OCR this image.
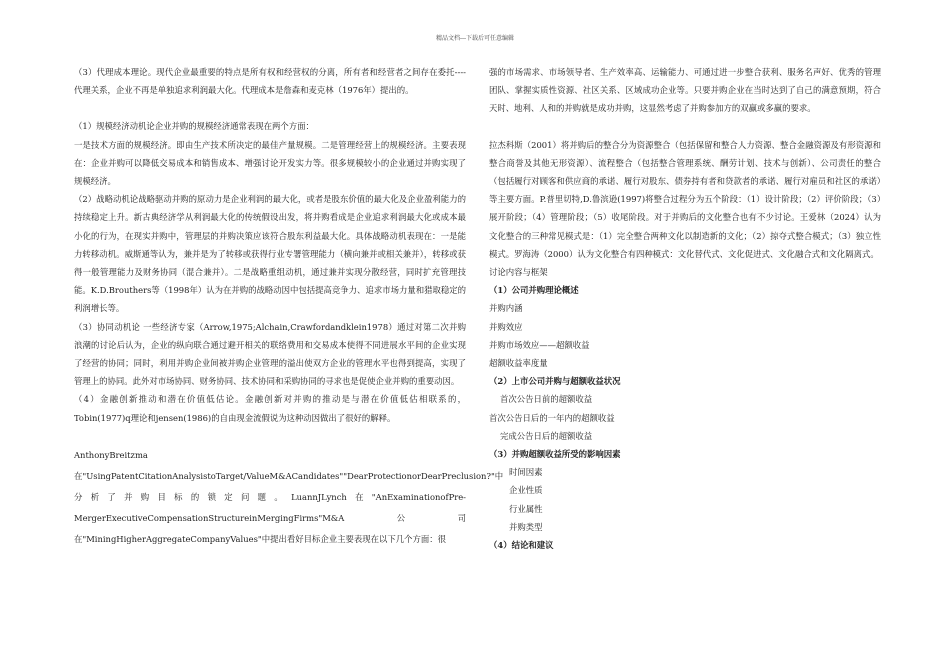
精品文档---下载后可任意编辑

（3）代理成本理论。现代企业最重要的特点是所有权和经营权的分离，所有者和经营者之间存在委托----代理关系，企业不再是单独追求利润最大化。代理成本是詹森和麦克林（1976年）提出的。

（1）规模经济动机论企业并购的规模经济通常表现在两个方面：

一是技术方面的规模经济。即由生产技术所决定的最佳产量规模。二是管理经营上的规模经济。主要表现在：企业并购可以降低交易成本和销售成本、增强讨论开发实力等。很多规模较小的企业通过并购实现了规模经济。

（2）战略动机论战略驱动并购的原动力是企业利润的最大化，或者是股东价值的最大化及企业盈利能力的持续稳定上升。新古典经济学从利润最大化的传统假设出发，将并购看成是企业追求利润最大化或成本最小化的行为，在现实并购中，管理层的并购决策应该符合股东利益最大化。具体战略动机表现在：一是能力转移动机。威斯通等认为，兼并是为了转移或获得行业专署管理能力（横向兼并或相关兼并），转移或获得一般管理能力及财务协同（混合兼并）。二是战略重组动机，通过兼并实现分散经营，同时扩充管理技能。K.D.Brouthers等（1998年）认为在并购的战略动因中包括提高竞争力、追求市场力量和猎取稳定的利润增长等。

（3）协同动机论 一些经济专家（Arrow,1975;Alchain,Crawfordandklein1978）通过对第二次并购浪潮的讨论后认为，企业的纵向联合通过避开相关的联络费用和交易成本使得不同进展水平间的企业实现了经营的协同；同时，利用并购企业间被并购企业管理的溢出使双方企业的管理水平也得到提高，实现了管理上的协同。此外对市场协同、财务协同、技术协同和采购协同的寻求也是促使企业并购的重要动因。

（4）金融创新推动和潜在价值低估论。金融创新对并购的推动是与潜在价值低估相联系的，Tobin(1977)q理论和jensen(1986)的自由现金流假说为这种动因做出了很好的解释。

AnthonyBreitzma在"UsingPatentCitationAnalysistoTarget/ValueM&ACandidates""DearProtectionorDearPreclusion?"中分析了并购目标的锁定问题。LuannJLynch在"AnExaminationofPre-MergerExecutiveCompensationStructureinMergingFirms"M&A公司在"MiningHigherAggregateCompanyValues"中提出看好目标企业主要表现在以下几个方面：很

强的市场需求、市场领导者、生产效率高、运输能力、可通过进一步整合获利、服务名声好、优秀的管理团队、掌握实质性资源、社区关系、区域成功企业等。只要并购企业在当时达到了自己的满意预期，符合天时、地利、人和的并购就是成功并购，这显然考虑了并购参加方的双赢或多赢的要求。

拉杰科斯（2001）将并购后的整合分为资源整合（包括保留和整合人力资源、整合金融资源及有形资源和整合商誉及其他无形资源）、流程整合（包括整合管理系统、酬劳计划、技术与创新）、公司责任的整合（包括履行对顾客和供应商的承诺、履行对股东、债券持有者和贷款者的承诺、履行对雇员和社区的承诺）等主要方面。P.普里切特,D.鲁滨逊(1997)将整合过程分为五个阶段：（1）设计阶段；（2）评价阶段；（3）展开阶段；（4）管理阶段；（5）收尾阶段。对于并购后的文化整合也有不少讨论。王爱林（2024）认为文化整合的三种常见模式是：（1）完全整合两种文化以制造新的文化；（2）掠夺式整合模式；（3）独立性模式。罗海涛（2000）认为文化整合有四种模式：文化替代式、文化促进式、文化融合式和文化隔离式。

讨论内容与框架

（1）公司并购理论概述

并购内涵

并购效应

并购市场效应——超额收益

超额收益率度量

（2）上市公司并购与超额收益状况

首次公告日前的超额收益

首次公告日后的一年内的超额收益

完成公告日后的超额收益

（3）并购超额收益所受的影响因素

时间因素

企业性质

行业属性

并购类型

（4）结论和建议
